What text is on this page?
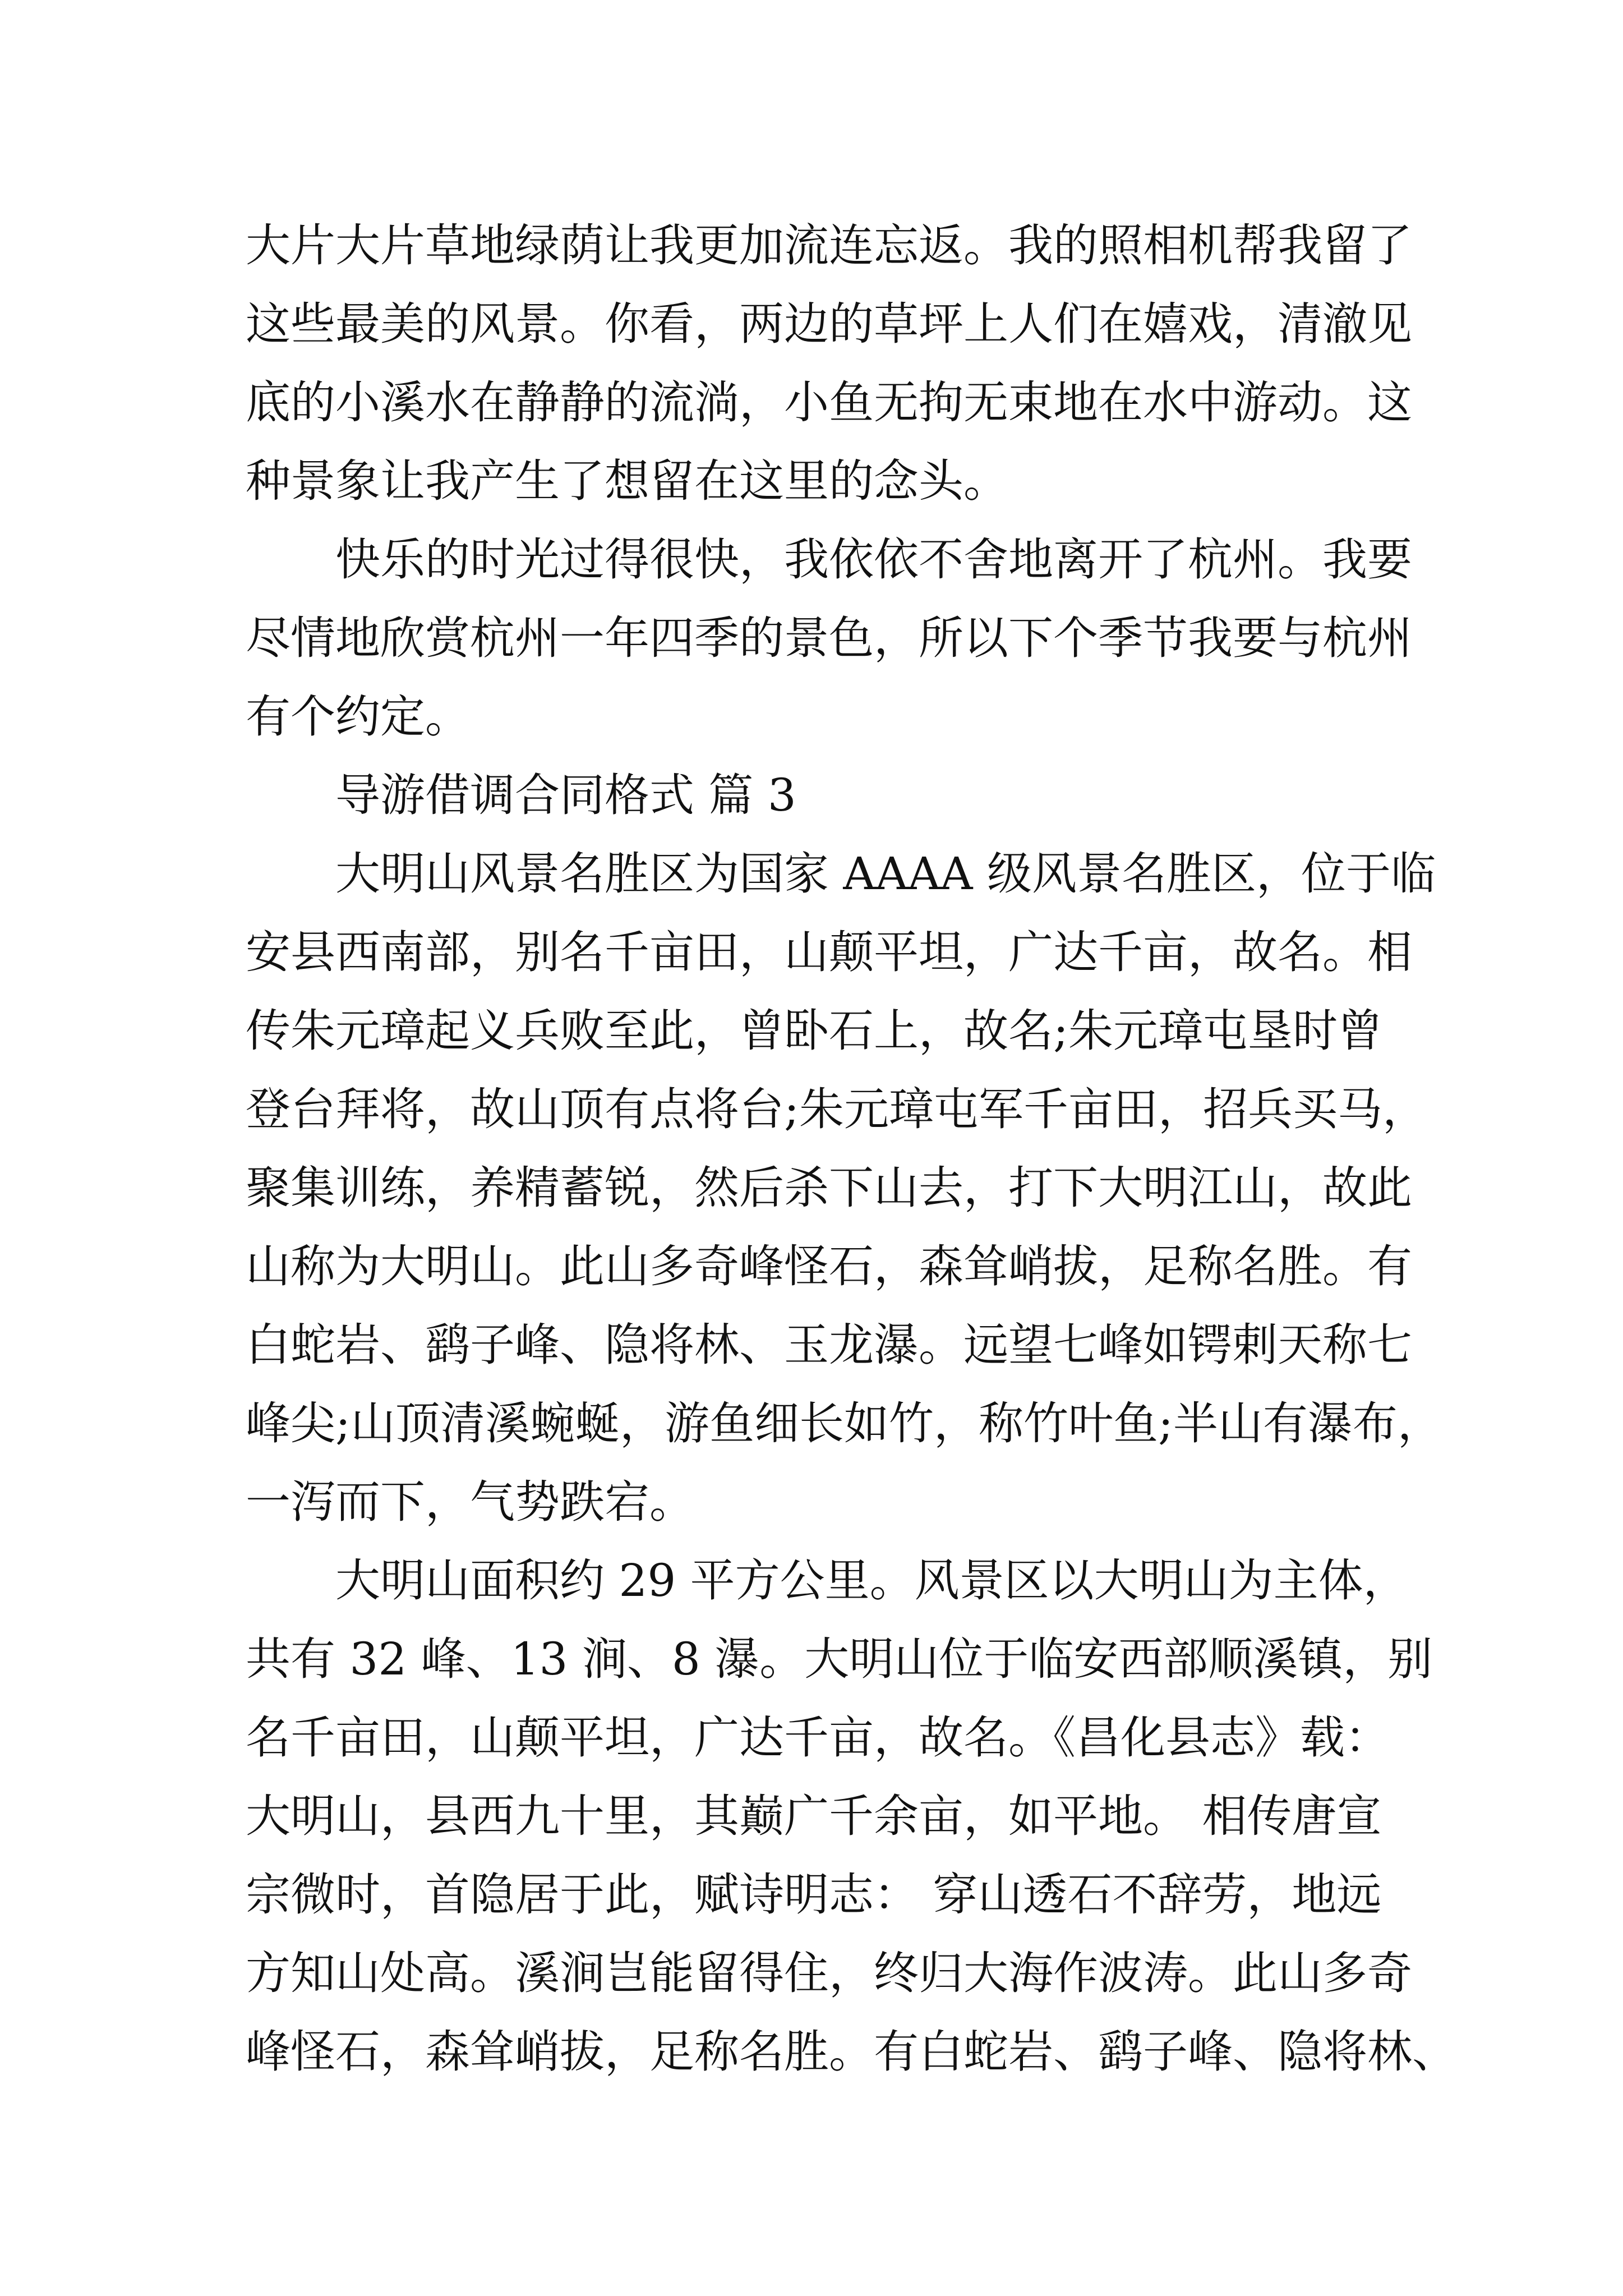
大片大片草地绿荫让我更加流连忘返。我的照相机帮我留了
这些最美的风景。你看，两边的草坪上人们在嬉戏，清澈见
底的小溪水在静静的流淌，小鱼无拘无束地在水中游动。这
种景象让我产生了想留在这里的念头。
快乐的时光过得很快，我依依不舍地离开了杭州。我要
尽情地欣赏杭州一年四季的景色，所以下个季节我要与杭州
有个约定。
导游借调合同格式 篇 3
大明山风景名胜区为国家 AAAA 级风景名胜区，位于临
安县西南部，别名千亩田，山颠平坦，广达千亩，故名。相
传朱元璋起义兵败至此，曾卧石上，故名;朱元璋屯垦时曾
登台拜将，故山顶有点将台;朱元璋屯军千亩田，招兵买马，
聚集训练，养精蓄锐，然后杀下山去，打下大明江山，故此
山称为大明山。此山多奇峰怪石，森耸峭拔，足称名胜。有
白蛇岩、鹞子峰、隐将林、玉龙瀑。远望七峰如锷剌天称七
峰尖;山顶清溪蜿蜒，游鱼细长如竹，称竹叶鱼;半山有瀑布，
一泻而下，气势跌宕。
大明山面积约 29 平方公里。风景区以大明山为主体，
共有 32 峰、13 涧、8 瀑。大明山位于临安西部顺溪镇，别
名千亩田，山颠平坦，广达千亩，故名。《昌化县志》载：
大明山，县西九十里，其巅广千余亩，如平地。 相传唐宣
宗微时，首隐居于此，赋诗明志： 穿山透石不辞劳，地远
方知山处高。溪涧岂能留得住，终归大海作波涛。此山多奇
峰怪石，森耸峭拔，足称名胜。有白蛇岩、鹞子峰、隐将林、
